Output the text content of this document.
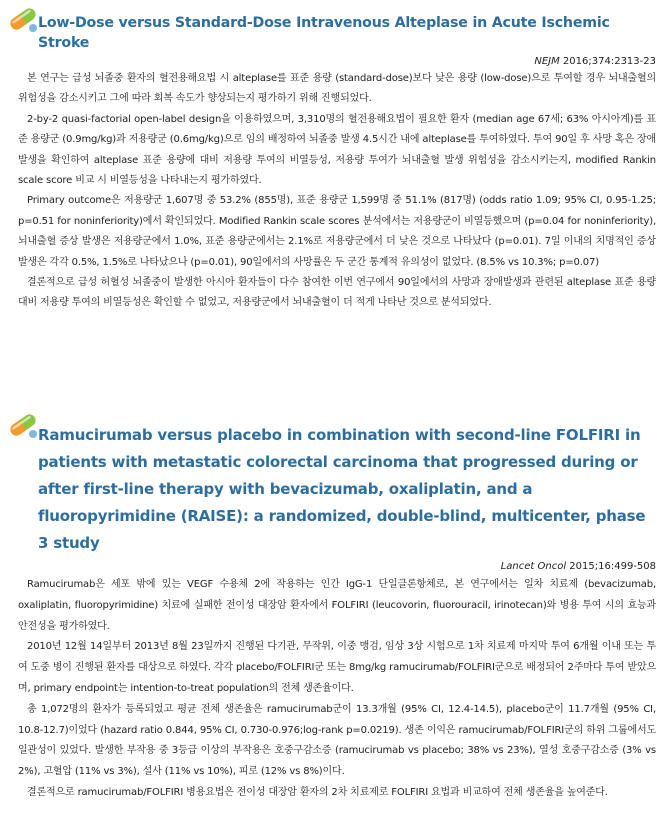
Low-Dose versus Standard-Dose Intravenous Alteplase in Acute Ischemic Stroke
NEJM 2016;374:2313-23

본 연구는 급성 뇌졸중 환자의 혈전용해요법 시 alteplase를 표준 용량 (standard-dose)보다 낮은 용량 (low-dose)으로 투여할 경우 뇌내출혈의 위험성을 감소시키고 그에 따라 회복 속도가 향상되는지 평가하기 위해 진행되었다.

2-by-2 quasi-factorial open-label design을 이용하였으며, 3,310명의 혈전용해요법이 필요한 환자 (median age 67세; 63% 아시아계)를 표준 용량군 (0.9mg/kg)과 저용량군 (0.6mg/kg)으로 임의 배정하여 뇌졸중 발생 4.5시간 내에 alteplase를 투여하였다. 투여 90일 후 사망 혹은 장애발생을 확인하여 alteplase 표준 용량에 대비 저용량 투여의 비열등성, 저용량 투여가 뇌내출혈 발생 위험성을 감소시키는지, modified Rankin scale score 비교 시 비열등성을 나타내는지 평가하였다.

Primary outcome은 저용량군 1,607명 중 53.2% (855명), 표준 용량군 1,599명 중 51.1% (817명) (odds ratio 1.09; 95% CI, 0.95-1.25; p=0.51 for noninferiority)에서 확인되었다. Modified Rankin scale scores 분석에서는 저용량군이 비열등했으며 (p=0.04 for noninferiority), 뇌내출혈 증상 발생은 저용량군에서 1.0%, 표준 용량군에서는 2.1%로 저용량군에서 더 낮은 것으로 나타났다 (p=0.01). 7일 이내의 치명적인 증상 발생은 각각 0.5%, 1.5%로 나타났으나 (p=0.01), 90일에서의 사망률은 두 군간 통계적 유의성이 없었다. (8.5% vs 10.3%; p=0.07)

결론적으로 급성 허혈성 뇌졸중이 발생한 아시아 환자들이 다수 참여한 이번 연구에서 90일에서의 사망과 장애발생과 관련된 alteplase 표준 용량 대비 저용량 투여의 비열등성은 확인할 수 없었고, 저용량군에서 뇌내출혈이 더 적게 나타난 것으로 분석되었다.

Ramucirumab versus placebo in combination with second-line FOLFIRI in patients with metastatic colorectal carcinoma that progressed during or after first-line therapy with bevacizumab, oxaliplatin, and a fluoropyrimidine (RAISE): a randomized, double-blind, multicenter, phase 3 study
Lancet Oncol 2015;16:499-508

Ramucirumab은 세포 밖에 있는 VEGF 수용체 2에 작용하는 인간 IgG-1 단일클론항체로, 본 연구에서는 일차 치료제 (bevacizumab, oxaliplatin, fluoropyrimidine) 치료에 실패한 전이성 대장암 환자에서 FOLFIRI (leucovorin, fluorouracil, irinotecan)와 병용 투여 시의 효능과 안전성을 평가하였다.

2010년 12월 14일부터 2013년 8월 23일까지 진행된 다기관, 무작위, 이중 맹검, 임상 3상 시험으로 1차 치료제 마지막 투여 6개월 이내 또는 투여 도중 병이 진행된 환자를 대상으로 하였다. 각각 placebo/FOLFIRI군 또는 8mg/kg ramucirumab/FOLFIRI군으로 배정되어 2주마다 투여 받았으며, primary endpoint는 intention-to-treat population의 전체 생존율이다.

총 1,072명의 환자가 등록되었고 평균 전체 생존율은 ramucirumab군이 13.3개월 (95% CI, 12.4-14.5), placebo군이 11.7개월 (95% CI, 10.8-12.7)이었다 (hazard ratio 0.844, 95% CI, 0.730-0.976;log-rank p=0.0219). 생존 이익은 ramucirumab/FOLFIRI군의 하위 그룹에서도 일관성이 있었다. 발생한 부작용 중 3등급 이상의 부작용은 호중구감소증 (ramucirumab vs placebo; 38% vs 23%), 열성 호중구감소증 (3% vs 2%), 고혈압 (11% vs 3%), 설사 (11% vs 10%), 피로 (12% vs 8%)이다.

결론적으로 ramucirumab/FOLFIRI 병용요법은 전이성 대장암 환자의 2차 치료제로 FOLFIRI 요법과 비교하여 전체 생존율을 높여준다.
